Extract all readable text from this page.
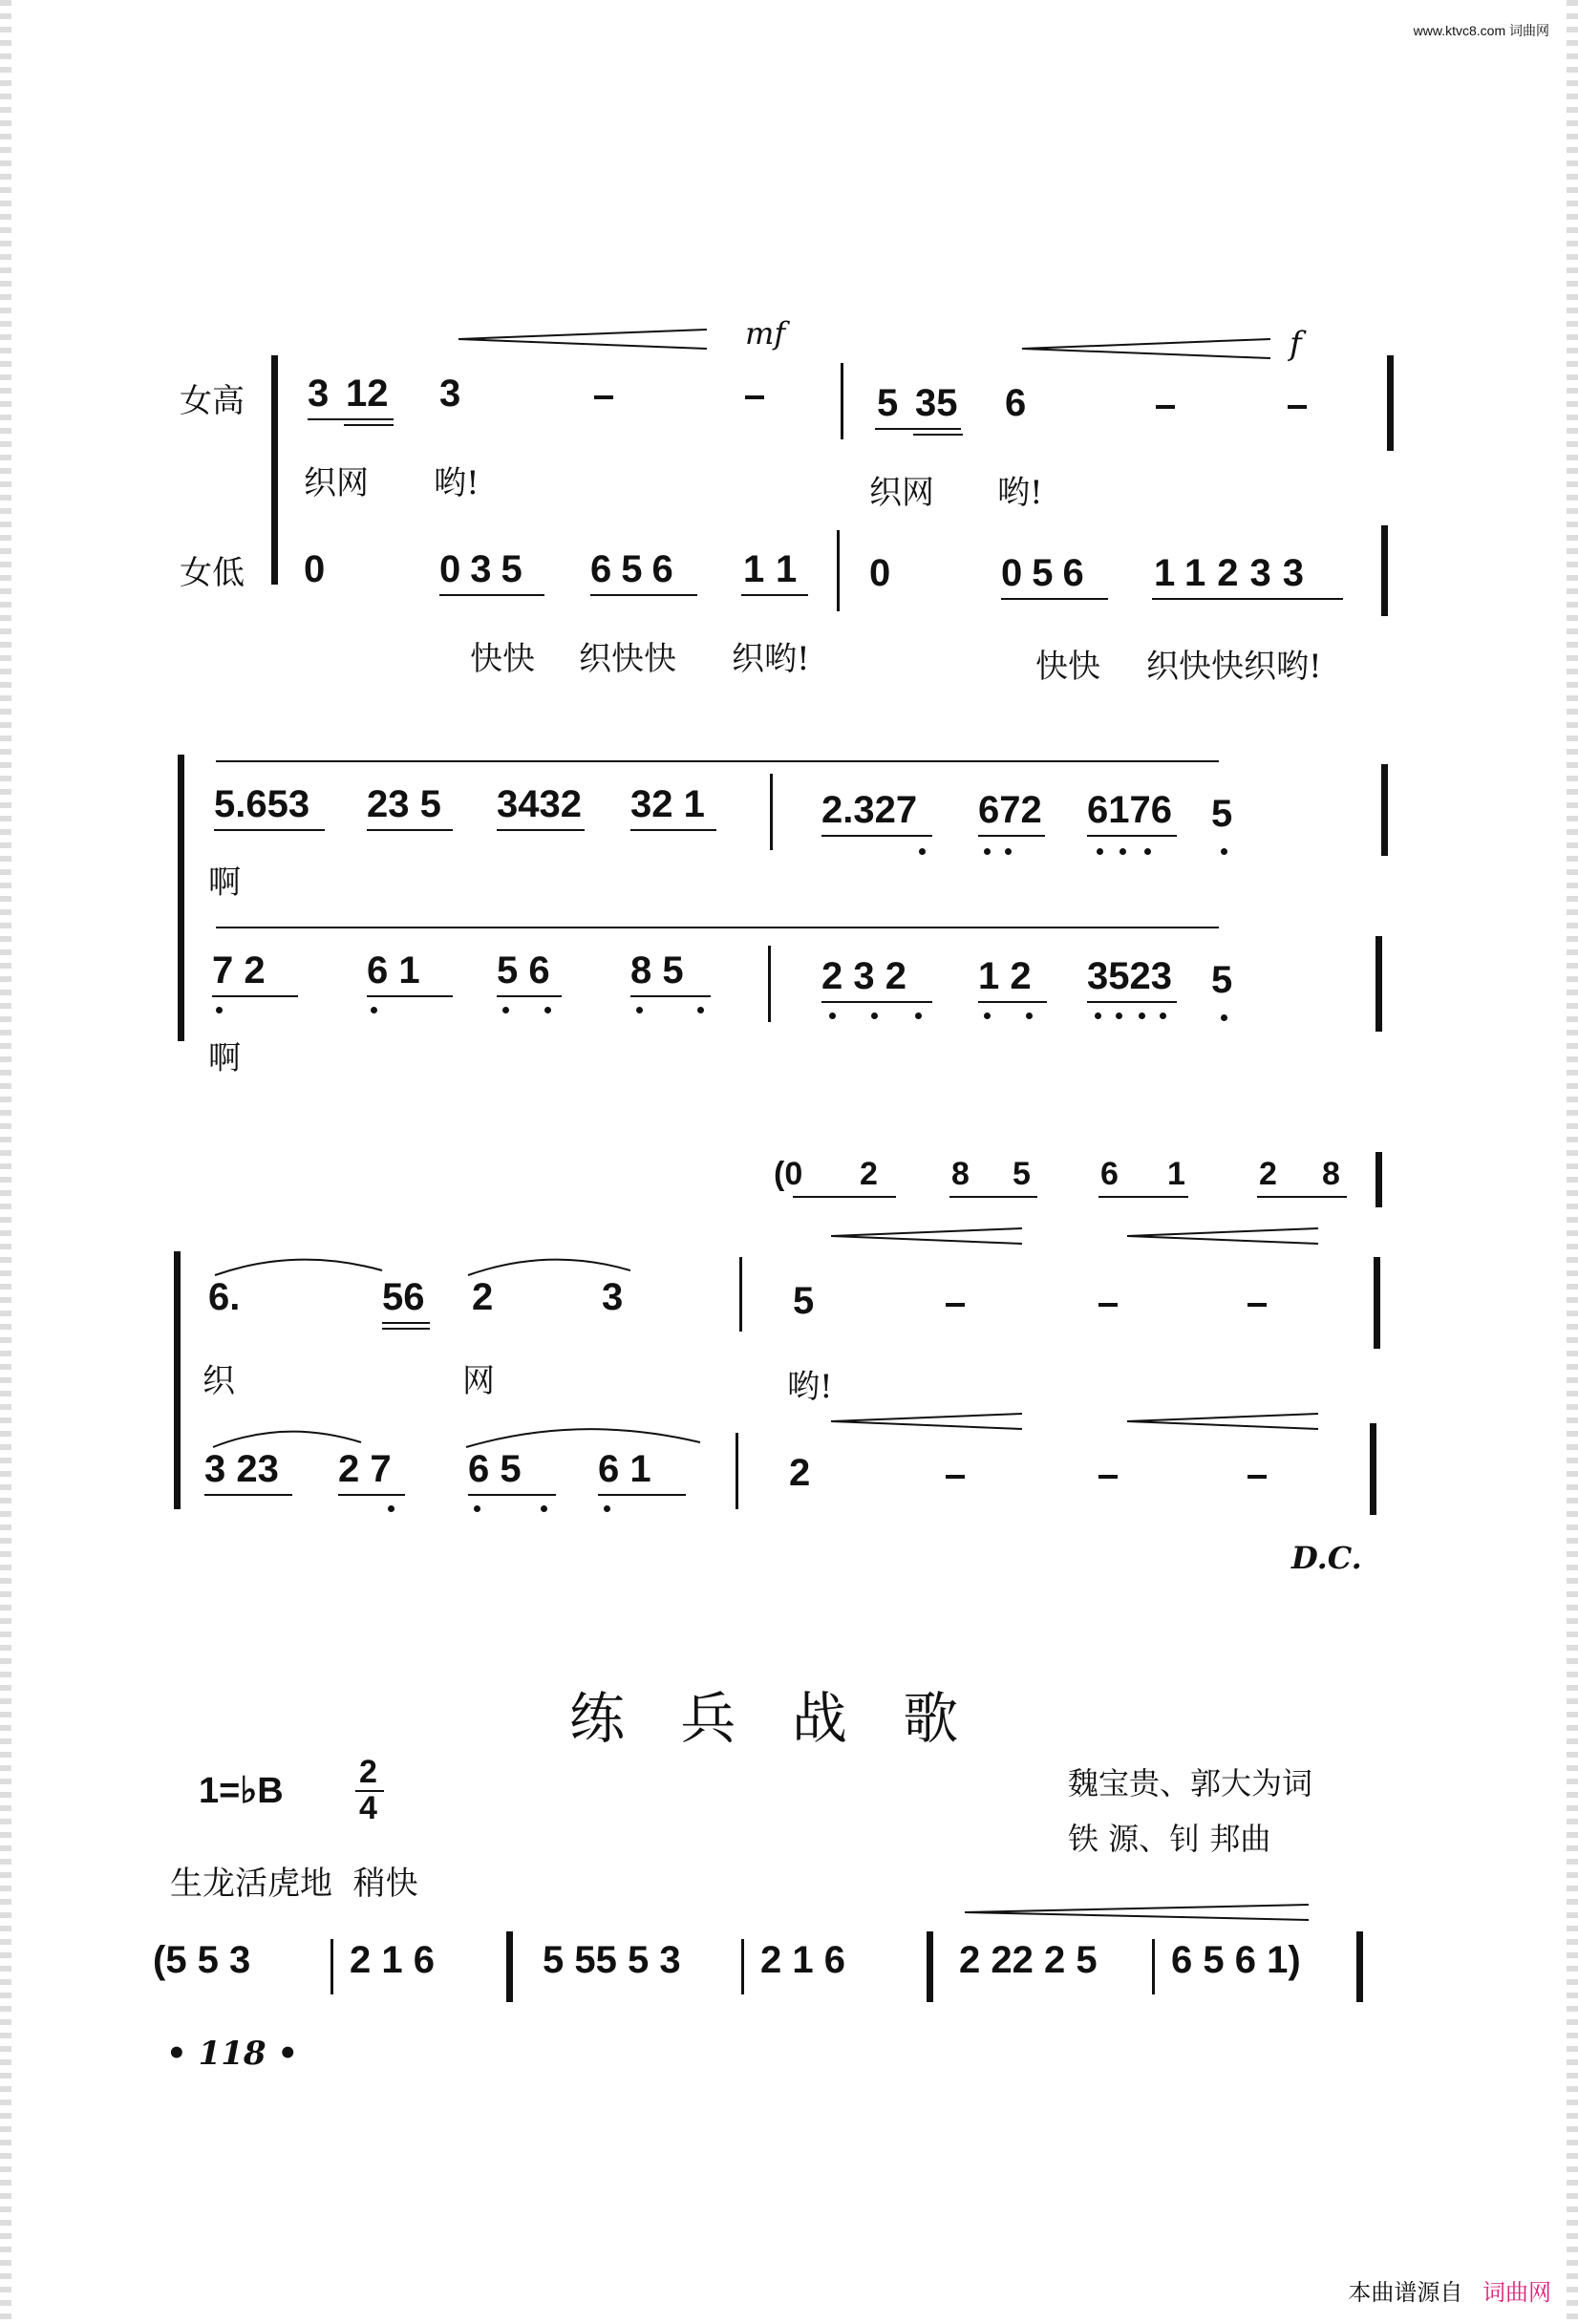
www.ktvc8.com 词曲网
女高
女低
mf	f
3 12 3	5 35 6
织网 哟!	织网 哟!
0	035 656 11 0	056 11233
快快 织快快 织哟!	快快 织快快织哟!
5.653 23 5 3432 32 1	2.327 672 6176 5
啊
7 2	6 1 5 6 8 5	2 3 2 1 2 3523 5
啊
(0 2 8 5 6 1 2 8
6.	56 2	3	5
织	网	哟!
3 23 2 7 6 5 6 1	2
D.C.
练 兵 战 歌
1=♭B 2
4
魏宝贵、郭大为词
铁 源、钊 邦曲
生龙活虎地  稍快
(5 5 3	2 1 6	5 55 5 3 2 1 6	2 22 2 5 6 5 6 1)
• 118 •
本曲谱源自 词曲网
